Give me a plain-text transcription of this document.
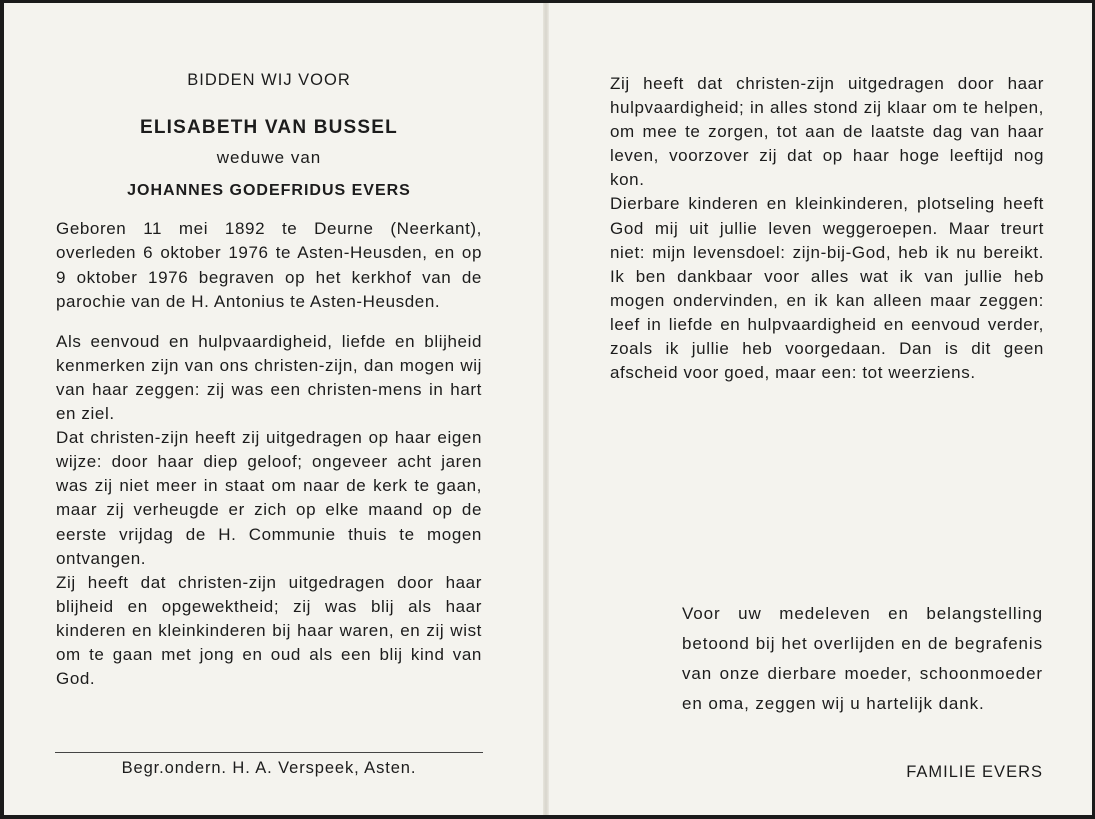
BIDDEN WIJ VOOR
ELISABETH VAN BUSSEL
weduwe van
JOHANNES GODEFRIDUS EVERS

Geboren 11 mei 1892 te Deurne (Neerkant), overleden 6 oktober 1976 te Asten-Heusden, en op 9 oktober 1976 begraven op het kerkhof van de parochie van de H. Antonius te Asten-Heusden.

Als eenvoud en hulpvaardigheid, liefde en blijheid kenmerken zijn van ons christen-zijn, dan mogen wij van haar zeggen: zij was een christen-mens in hart en ziel.

Dat christen-zijn heeft zij uitgedragen op haar eigen wijze: door haar diep geloof; ongeveer acht jaren was zij niet meer in staat om naar de kerk te gaan, maar zij verheugde er zich op elke maand op de eerste vrijdag de H. Communie thuis te mogen ontvangen.

Zij heeft dat christen-zijn uitgedragen door haar blijheid en opgewektheid; zij was blij als haar kinderen en kleinkinderen bij haar waren, en zij wist om te gaan met jong en oud als een blij kind van God.

Begr.ondern. H. A. Verspeek, Asten.

Zij heeft dat christen-zijn uitgedragen door haar hulpvaardigheid; in alles stond zij klaar om te helpen, om mee te zorgen, tot aan de laatste dag van haar leven, voorzover zij dat op haar hoge leeftijd nog kon.

Dierbare kinderen en kleinkinderen, plotseling heeft God mij uit jullie leven weggeroepen. Maar treurt niet: mijn levensdoel: zijn-bij-God, heb ik nu bereikt. Ik ben dankbaar voor alles wat ik van jullie heb mogen ondervinden, en ik kan alleen maar zeggen: leef in liefde en hulpvaardigheid en eenvoud verder, zoals ik jullie heb voorgedaan. Dan is dit geen afscheid voor goed, maar een: tot weerziens.

Voor uw medeleven en belangstelling betoond bij het overlijden en de begrafenis van onze dierbare moeder, schoonmoeder en oma, zeggen wij u hartelijk dank.
FAMILIE EVERS
